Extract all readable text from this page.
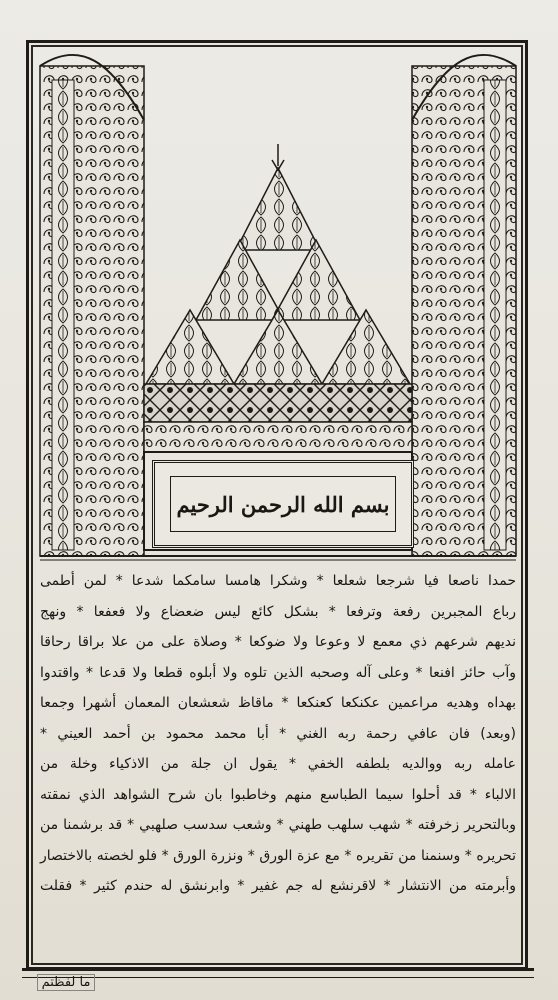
بسم الله الرحمن الرحيم
حمدا ناصعا فيا شرجعا شعلعا * وشكرا هامسا سامكما شدعا * لمن أطمى
رباع المجبرين رفعة وترفعا * بشكل كائع ليس ضعضاع ولا فعفعا * ونهج
نديهم شرعهم ذي معمع لا وعوعا ولا ضوكعا * وصلاة على من علا براقا رحاقا
وآب حائز افنعا * وعلى آله وصحبه الذين تلوه ولا أبلوه قطعا ولا قدعا * واقتدوا
بهداه وهديه مراعمين عكنكعا كعنكعا * ماقاظ شعشعان المعمان أشهرا وجمعا
(وبعد) فان عافي رحمة ربه الغني * أبا محمد محمود بن أحمد العيني *
عامله ربه ووالديه بلطفه الخفي * يقول ان جلة من الاذكياء وخلة من
الالباء * قد أحلوا سيما الطباسع منهم وخاطبوا بان شرح الشواهد الذي نمقته
وبالتحرير زخرفته * شهب سلهب طهني * وشعب سدسب صلهبي * قد برشمنا من
تحريره * وسنمنا من تقريره * مع عزة الورق * ونزرة الورق * فلو لخصته بالاختصار
وأبرمته من الانتشار * لاقرنشع له جم غفير * وابرنشق له حندم كثير * فقلت
ما لفظتم
